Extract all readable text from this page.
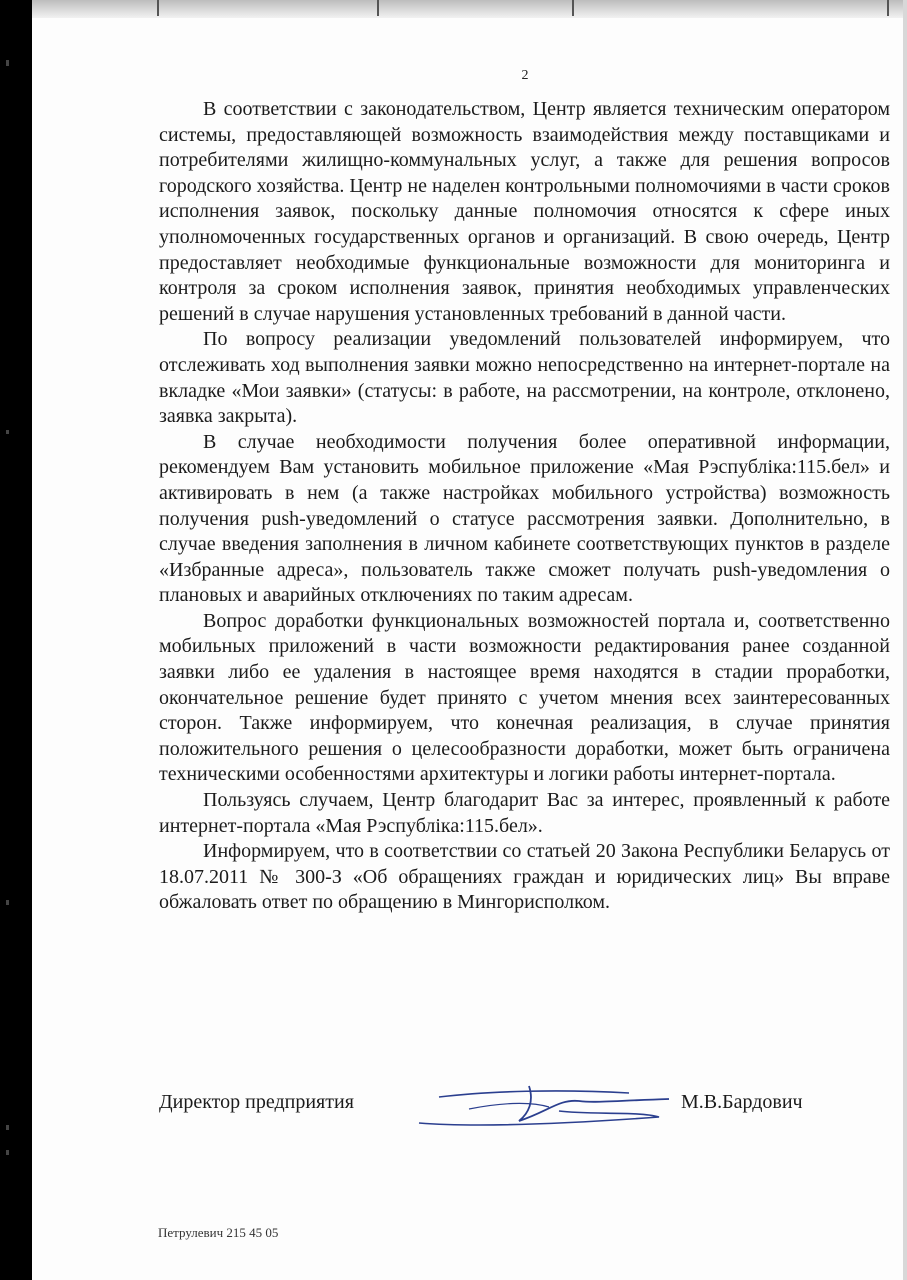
2

В соответствии с законодательством, Центр является техническим оператором системы, предоставляющей возможность взаимодействия между поставщиками и потребителями жилищно-коммунальных услуг, а также для решения вопросов городского хозяйства. Центр не наделен контрольными полномочиями в части сроков исполнения заявок, поскольку данные полномочия относятся к сфере иных уполномоченных государственных органов и организаций. В свою очередь, Центр предоставляет необходимые функциональные возможности для мониторинга и контроля за сроком исполнения заявок, принятия необходимых управленческих решений в случае нарушения установленных требований в данной части.

По вопросу реализации уведомлений пользователей информируем, что отслеживать ход выполнения заявки можно непосредственно на интернет-портале на вкладке «Мои заявки» (статусы: в работе, на рассмотрении, на контроле, отклонено, заявка закрыта).

В случае необходимости получения более оперативной информации, рекомендуем Вам установить мобильное приложение «Мая Рэспубліка:115.бел» и активировать в нем (а также настройках мобильного устройства) возможность получения push-уведомлений о статусе рассмотрения заявки. Дополнительно, в случае введения заполнения в личном кабинете соответствующих пунктов в разделе «Избранные адреса», пользователь также сможет получать push-уведомления о плановых и аварийных отключениях по таким адресам.

Вопрос доработки функциональных возможностей портала и, соответственно мобильных приложений в части возможности редактирования ранее созданной заявки либо ее удаления в настоящее время находятся в стадии проработки, окончательное решение будет принято с учетом мнения всех заинтересованных сторон. Также информируем, что конечная реализация, в случае принятия положительного решения о целесообразности доработки, может быть ограничена техническими особенностями архитектуры и логики работы интернет-портала.

Пользуясь случаем, Центр благодарит Вас за интерес, проявленный к работе интернет-портала «Мая Рэспубліка:115.бел».

Информируем, что в соответствии со статьей 20 Закона Республики Беларусь от 18.07.2011 № 300-З «Об обращениях граждан и юридических лиц» Вы вправе обжаловать ответ по обращению в Мингорисполком.

Директор предприятия	М.В.Бардович
Петрулевич 215 45 05
